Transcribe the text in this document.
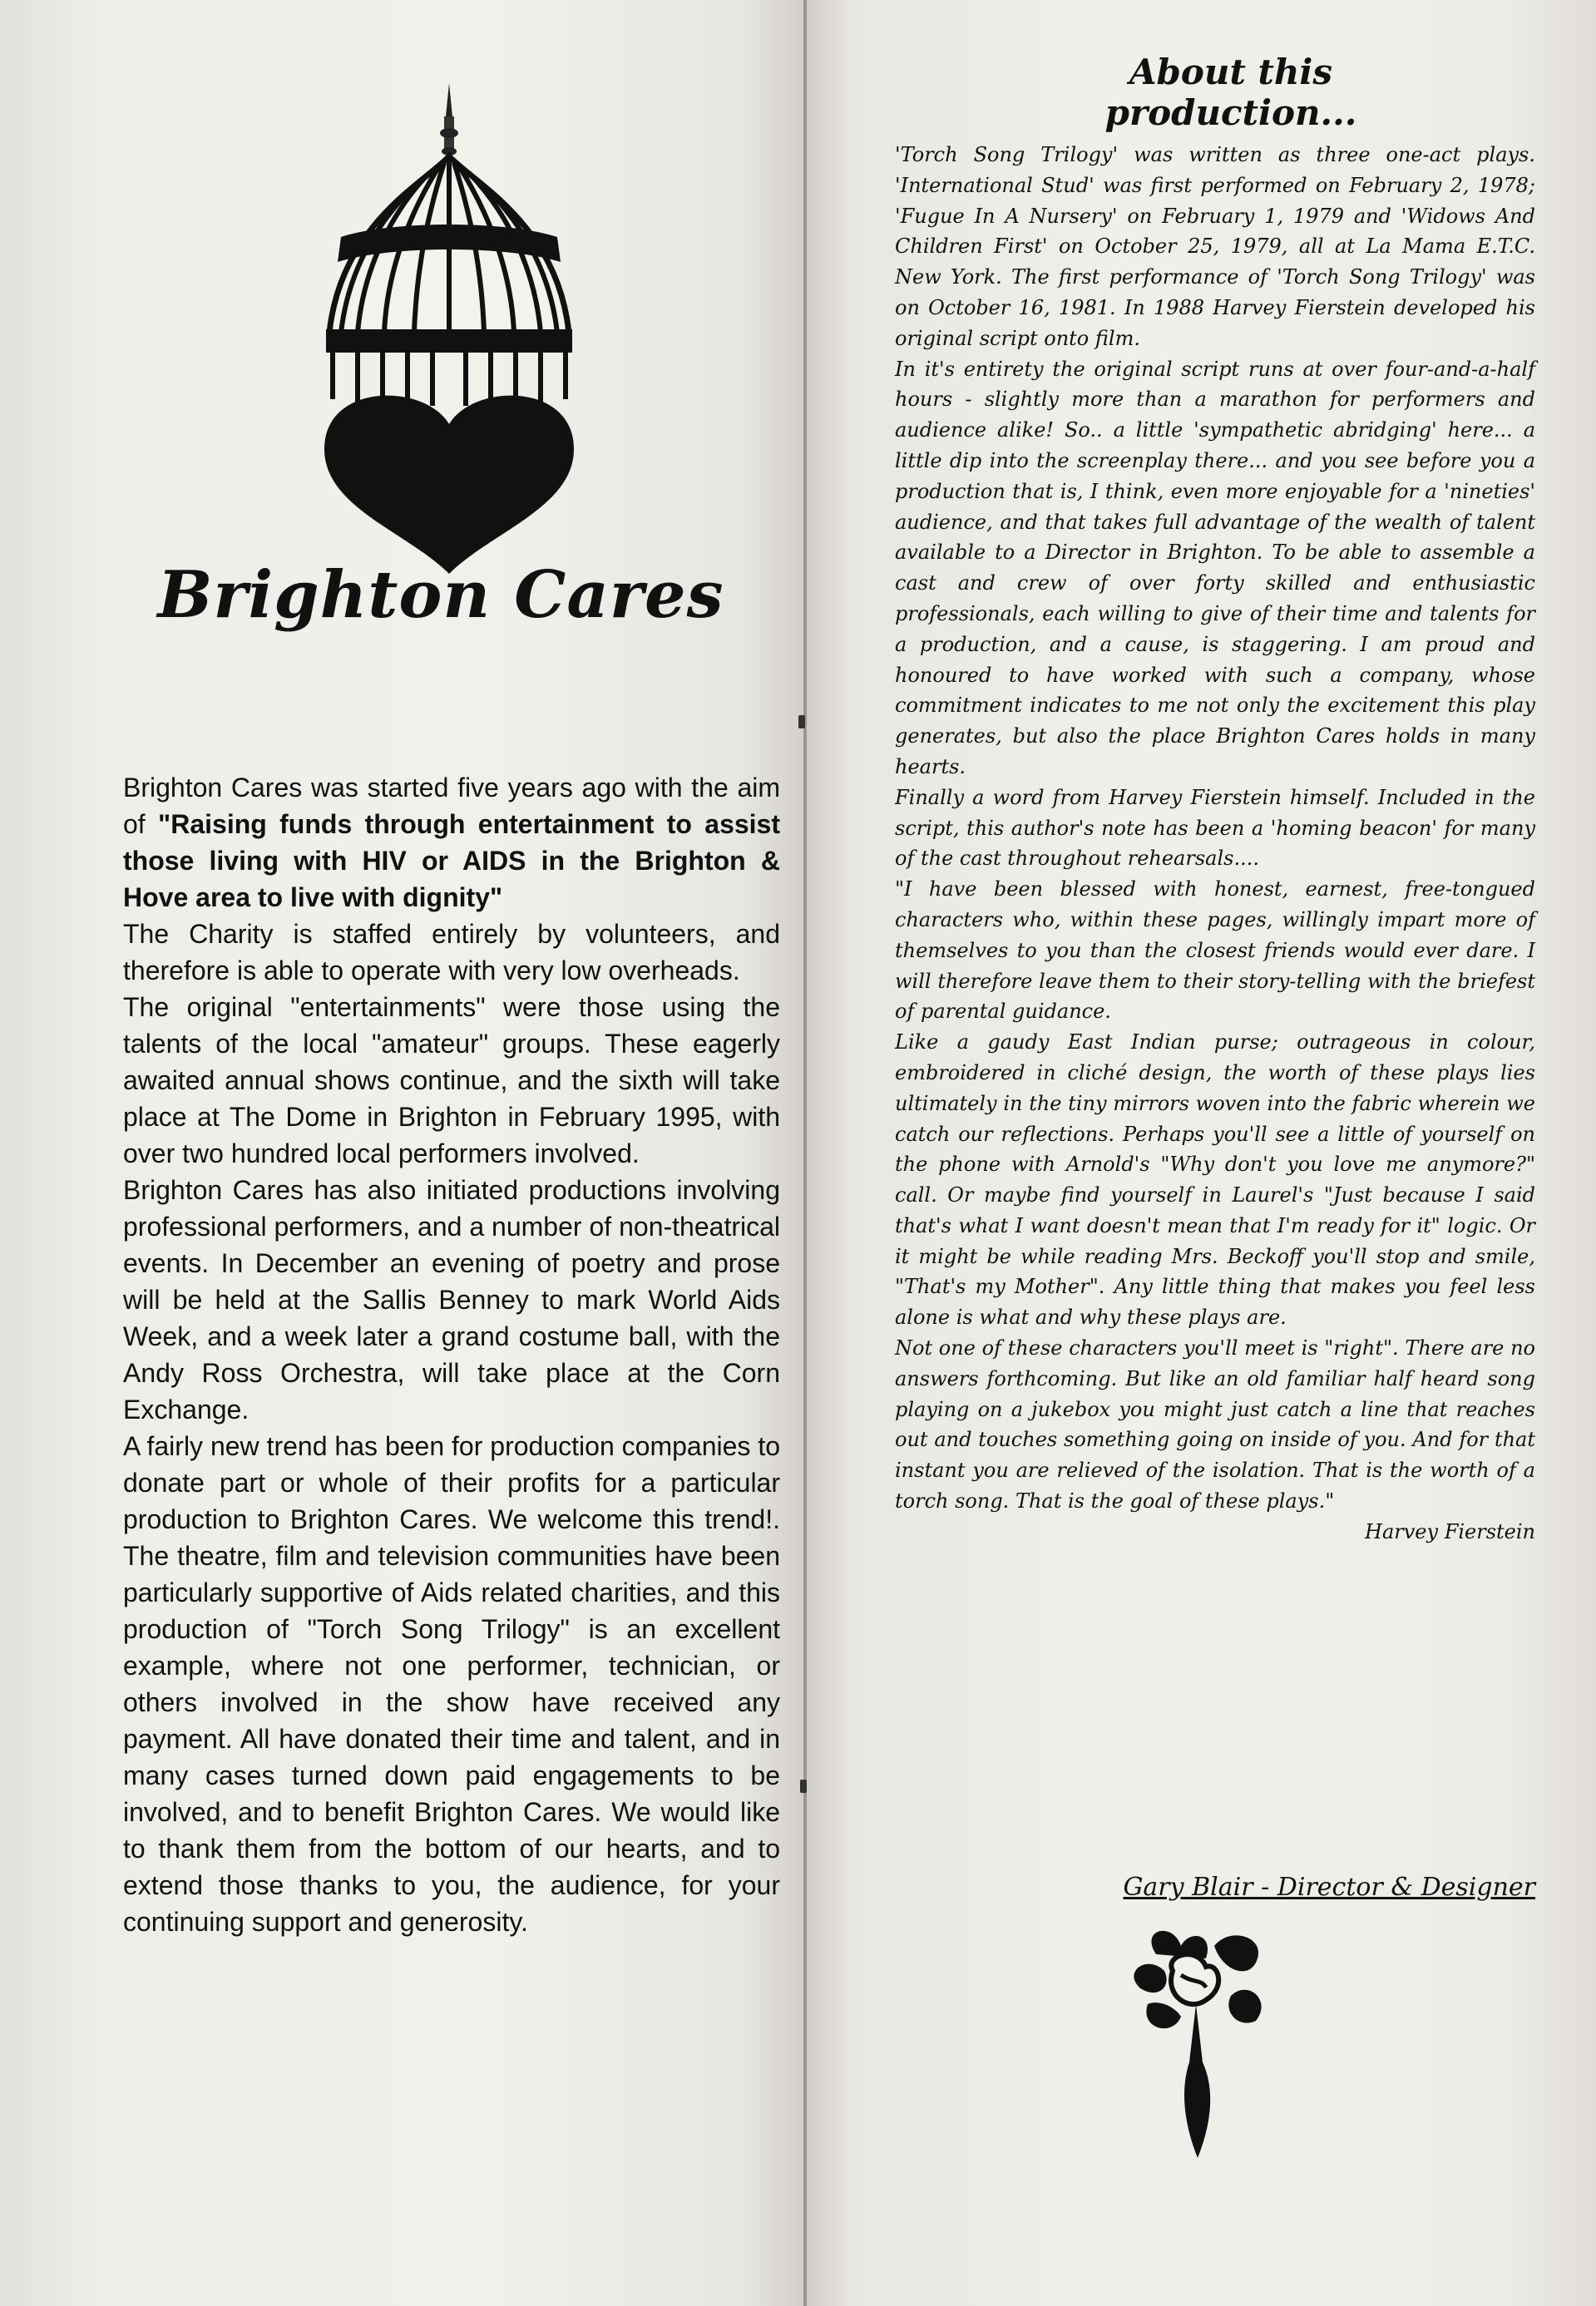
Brighton Cares

Brighton Cares was started five years ago with the aim of "Raising funds through entertainment to assist those living with HIV or AIDS in the Brighton & Hove area to live with dignity"

The Charity is staffed entirely by volunteers, and therefore is able to operate with very low overheads.

The original "entertainments" were those using the talents of the local "amateur" groups. These eagerly awaited annual shows continue, and the sixth will take place at The Dome in Brighton in February 1995, with over two hundred local performers involved.

Brighton Cares has also initiated productions involving professional performers, and a number of non-theatrical events. In December an evening of poetry and prose will be held at the Sallis Benney to mark World Aids Week, and a week later a grand costume ball, with the Andy Ross Orchestra, will take place at the Corn Exchange.

A fairly new trend has been for production companies to donate part or whole of their profits for a particular production to Brighton Cares. We welcome this trend!. The theatre, film and television communities have been particularly supportive of Aids related charities, and this production of "Torch Song Trilogy" is an excellent example, where not one performer, technician, or others involved in the show have received any payment. All have donated their time and talent, and in many cases turned down paid engagements to be involved, and to benefit Brighton Cares. We would like to thank them from the bottom of our hearts, and to extend those thanks to you, the audience, for your continuing support and generosity.

About this production...

'Torch Song Trilogy' was written as three one-act plays. 'International Stud' was first performed on February 2, 1978; 'Fugue In A Nursery' on February 1, 1979 and 'Widows And Children First' on October 25, 1979, all at La Mama E.T.C. New York. The first performance of 'Torch Song Trilogy' was on October 16, 1981. In 1988 Harvey Fierstein developed his original script onto film.

In it's entirety the original script runs at over four-and-a-half hours - slightly more than a marathon for performers and audience alike! So.. a little 'sympathetic abridging' here... a little dip into the screenplay there... and you see before you a production that is, I think, even more enjoyable for a 'nineties' audience, and that takes full advantage of the wealth of talent available to a Director in Brighton. To be able to assemble a cast and crew of over forty skilled and enthusiastic professionals, each willing to give of their time and talents for a production, and a cause, is staggering. I am proud and honoured to have worked with such a company, whose commitment indicates to me not only the excitement this play generates, but also the place Brighton Cares holds in many hearts.

Finally a word from Harvey Fierstein himself. Included in the script, this author's note has been a 'homing beacon' for many of the cast throughout rehearsals....

"I have been blessed with honest, earnest, free-tongued characters who, within these pages, willingly impart more of themselves to you than the closest friends would ever dare. I will therefore leave them to their story-telling with the briefest of parental guidance.

Like a gaudy East Indian purse; outrageous in colour, embroidered in cliché design, the worth of these plays lies ultimately in the tiny mirrors woven into the fabric wherein we catch our reflections. Perhaps you'll see a little of yourself on the phone with Arnold's "Why don't you love me anymore?" call. Or maybe find yourself in Laurel's "Just because I said that's what I want doesn't mean that I'm ready for it" logic. Or it might be while reading Mrs. Beckoff you'll stop and smile, "That's my Mother". Any little thing that makes you feel less alone is what and why these plays are.

Not one of these characters you'll meet is "right". There are no answers forthcoming. But like an old familiar half heard song playing on a jukebox you might just catch a line that reaches out and touches something going on inside of you. And for that instant you are relieved of the isolation. That is the worth of a torch song. That is the goal of these plays."

Harvey Fierstein

Gary Blair - Director & Designer
